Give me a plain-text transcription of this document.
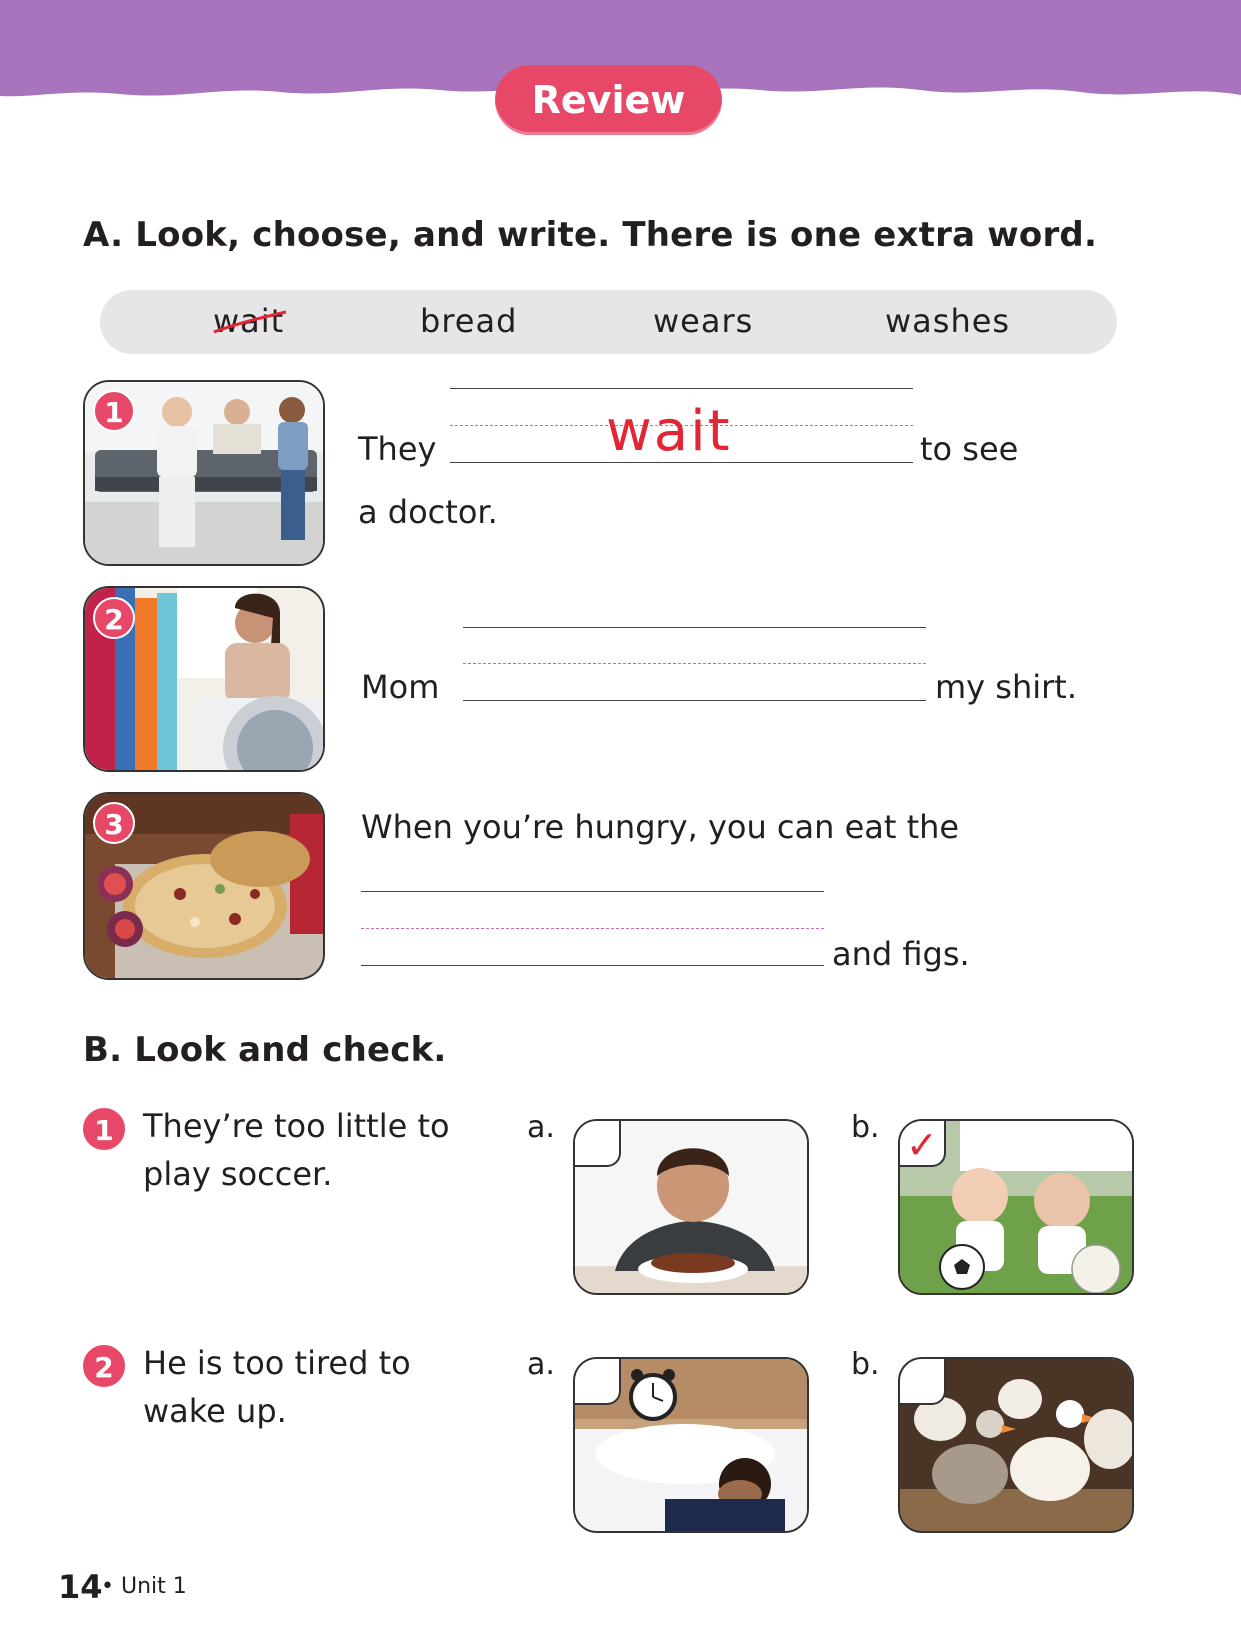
Review
A. Look, choose, and write. There is one extra word.
wait	bread	wears	washes
1
They	wait	to see
a doctor.
2
Mom	my shirt.
3	When you’re hungry, you can eat the
and figs.
B. Look and check.
1 They’re too little to
play soccer.
a.	b. ✓
2 He is too tired to
wake up.
a.	b.
14
• Unit 1
